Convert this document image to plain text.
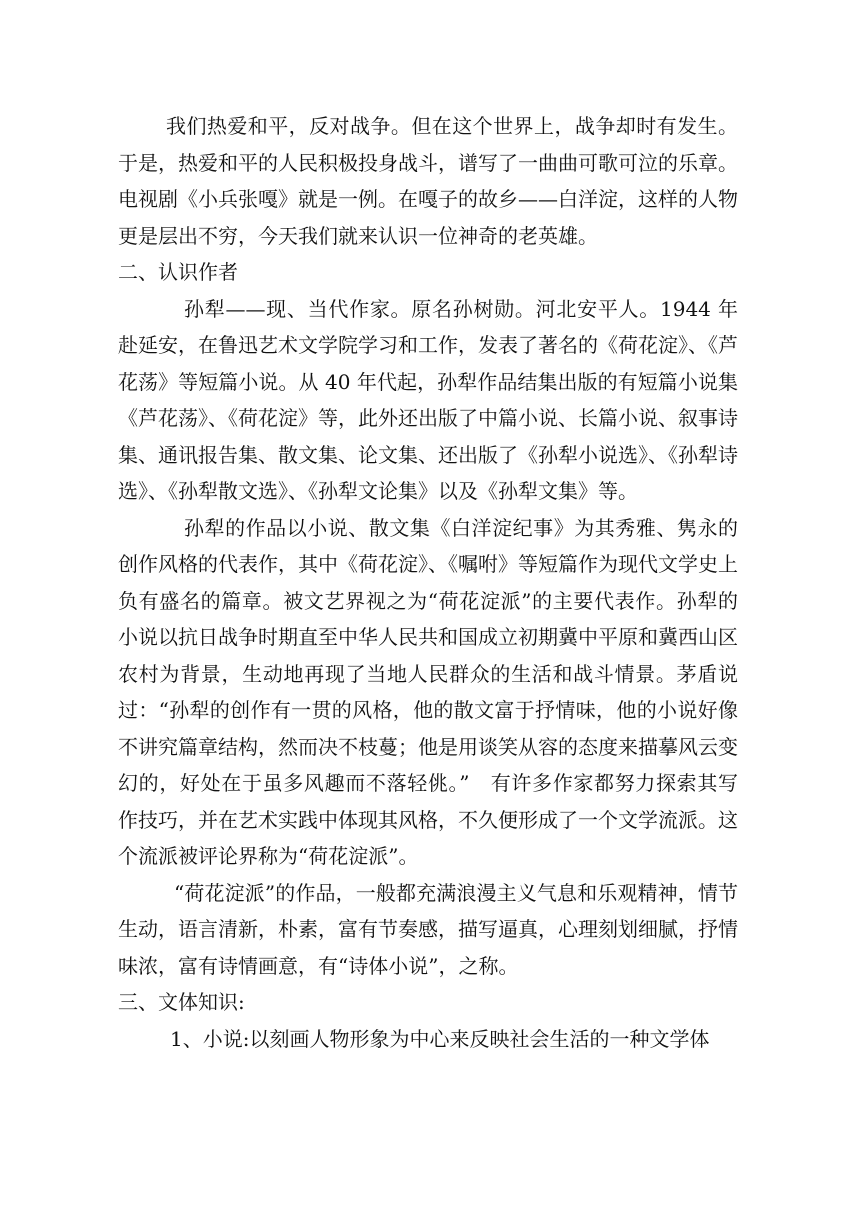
我们热爱和平，反对战争。但在这个世界上，战争却时有发生。于是，热爱和平的人民积极投身战斗，谱写了一曲曲可歌可泣的乐章。电视剧《小兵张嘎》就是一例。在嘎子的故乡——白洋淀，这样的人物更是层出不穷，今天我们就来认识一位神奇的老英雄。

二、认识作者

孙犁——现、当代作家。原名孙树勋。河北安平人。1944 年赴延安，在鲁迅艺术文学院学习和工作，发表了著名的《荷花淀》、《芦花荡》等短篇小说。从 40 年代起，孙犁作品结集出版的有短篇小说集《芦花荡》、《荷花淀》等，此外还出版了中篇小说、长篇小说、叙事诗集、通讯报告集、散文集、论文集、还出版了《孙犁小说选》、《孙犁诗选》、《孙犁散文选》、《孙犁文论集》以及《孙犁文集》等。

孙犁的作品以小说、散文集《白洋淀纪事》为其秀雅、隽永的创作风格的代表作，其中《荷花淀》、《嘱咐》等短篇作为现代文学史上负有盛名的篇章。被文艺界视之为“荷花淀派”的主要代表作。孙犁的小说以抗日战争时期直至中华人民共和国成立初期冀中平原和冀西山区农村为背景，生动地再现了当地人民群众的生活和战斗情景。茅盾说过：“孙犁的创作有一贯的风格，他的散文富于抒情味，他的小说好像不讲究篇章结构，然而决不枝蔓；他是用谈笑从容的态度来描摹风云变幻的，好处在于虽多风趣而不落轻佻。”　有许多作家都努力探索其写作技巧，并在艺术实践中体现其风格，不久便形成了一个文学流派。这个流派被评论界称为“荷花淀派”。

“荷花淀派”的作品，一般都充满浪漫主义气息和乐观精神，情节生动，语言清新，朴素，富有节奏感，描写逼真，心理刻划细腻，抒情味浓，富有诗情画意，有“诗体小说”，之称。

三、文体知识:

1、小说:以刻画人物形象为中心来反映社会生活的一种文学体
